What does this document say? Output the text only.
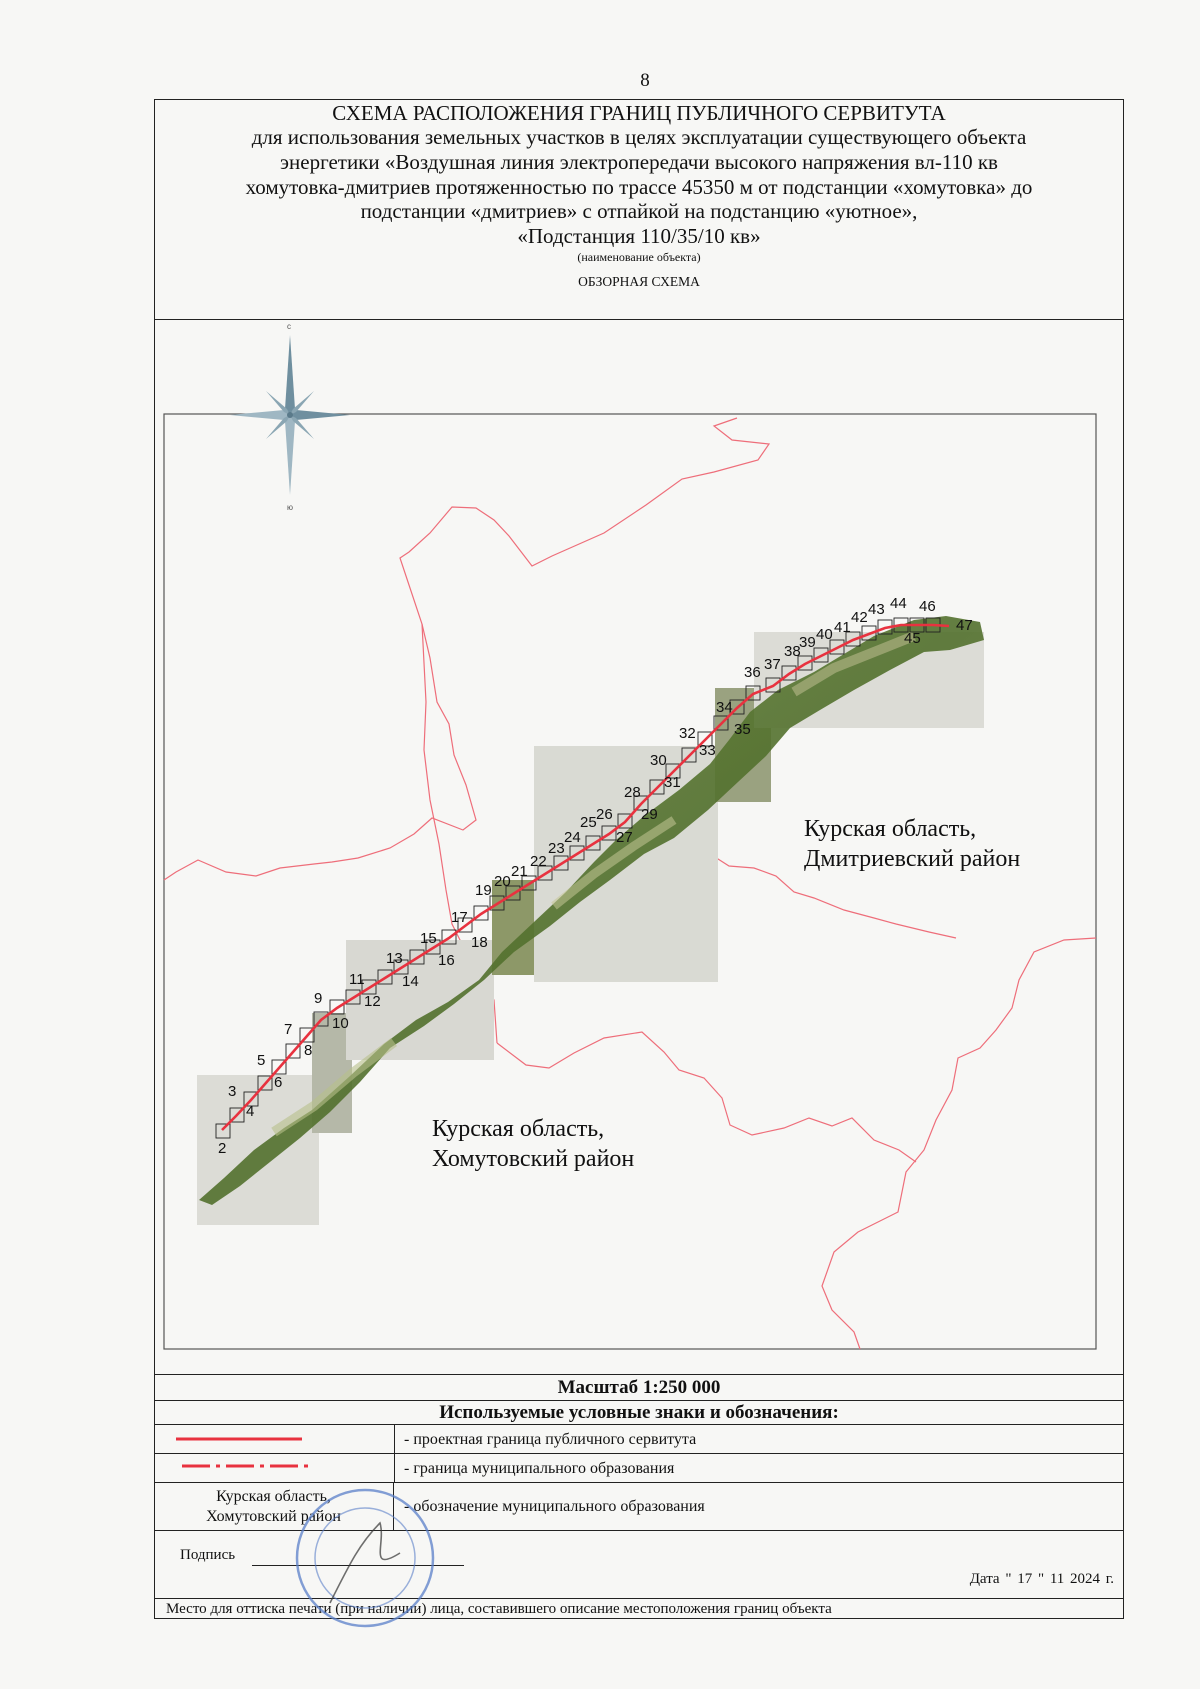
8
СХЕМА РАСПОЛОЖЕНИЯ ГРАНИЦ ПУБЛИЧНОГО СЕРВИТУТА
для использования земельных участков в целях эксплуатации существующего объекта
энергетики «Воздушная линия электропередачи высокого напряжения вл-110 кв
хомутовка-дмитриев протяженностью по трассе 45350 м от подстанции «хомутовка» до
подстанции «дмитриев» с отпайкой на подстанцию «уютное»,
«Подстанция 110/35/10 кв»
(наименование объекта)
ОБЗОРНАЯ СХЕМА
2
3
4
5
6
7
8
9
10
11
12
13
14
15
16
17
18
19
20
21
22
23
24
25 26
27
28
29
30
31
32
33
34
35
36 37
38
39 40 41
42 43 44
45
46
47
с
ю
Курская область,
Дмитриевский район
Курская область,
Хомутовский район
Масштаб 1:250 000
Используемые условные знаки и обозначения:
- проектная граница публичного сервитута
- граница муниципального образования
Курская область,
Хомутовский район
- обозначение муниципального образования
Подпись
Дата " 17 " 11 2024 г.
Место для оттиска печати (при наличии) лица, составившего описание местоположения границ объекта
